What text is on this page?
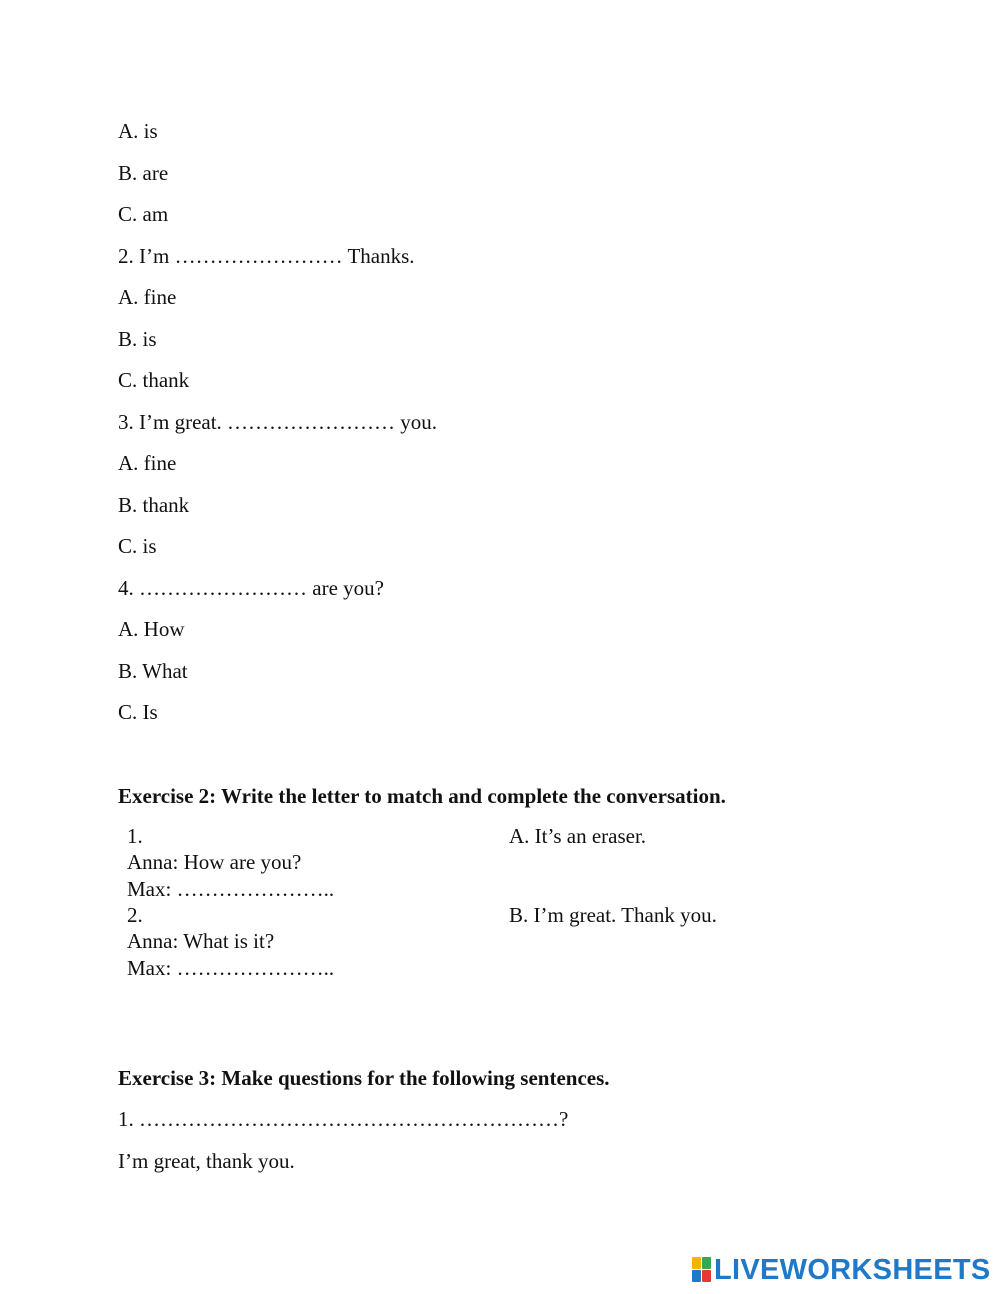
A. is
B. are
C. am
2. I’m …………………… Thanks.
A. fine
B. is
C. thank
3. I’m great. …………………… you.
A. fine
B. thank
C. is
4. …………………… are you?
A. How
B. What
C. Is
Exercise 2: Write the letter to match and complete the conversation.
1.
Anna: How are you?
Max: …………………..
A. It’s an eraser.
2.
Anna: What is it?
Max: …………………..
B. I’m great. Thank you.
Exercise 3: Make questions for the following sentences.
1. ……………………………………………………?
I’m great, thank you.
LIVEWORKSHEETS
